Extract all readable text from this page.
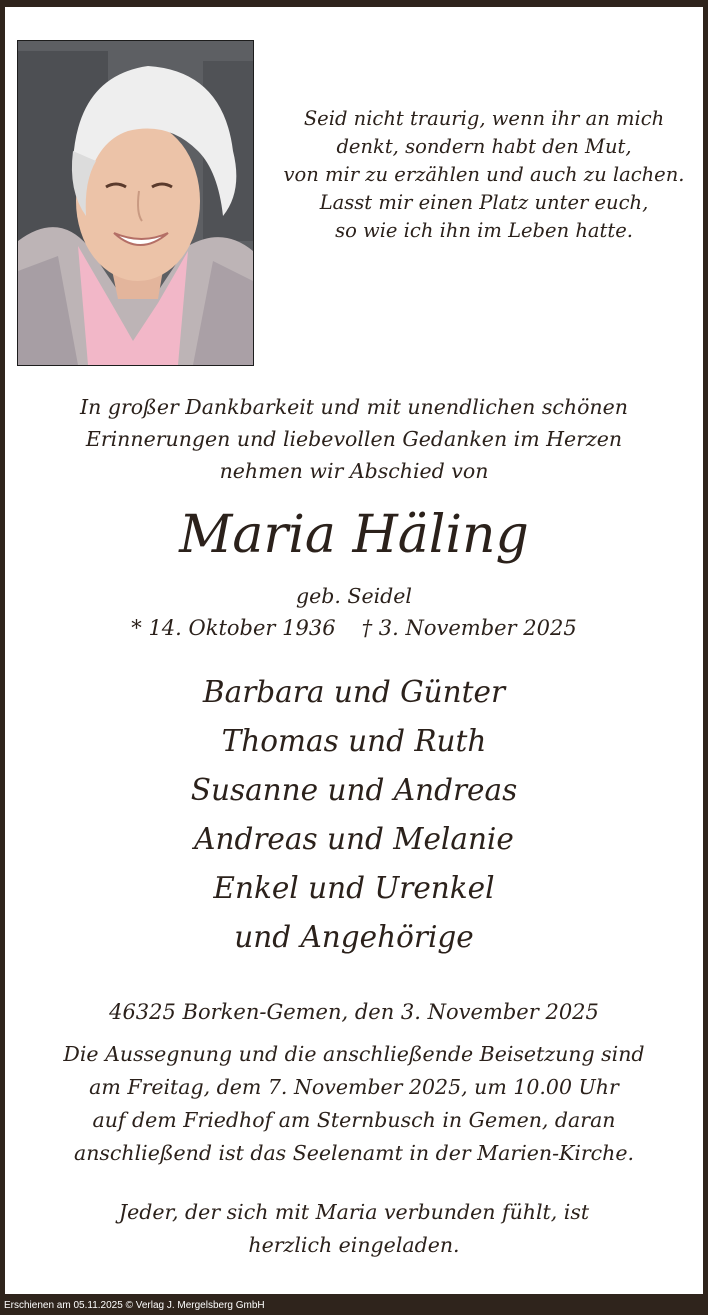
Seid nicht traurig, wenn ihr an mich
denkt, sondern habt den Mut,
von mir zu erzählen und auch zu lachen.
Lasst mir einen Platz unter euch,
so wie ich ihn im Leben hatte.
In großer Dankbarkeit und mit unendlichen schönen
Erinnerungen und liebevollen Gedanken im Herzen
nehmen wir Abschied von
Maria Häling
geb. Seidel
* 14. Oktober 1936 † 3. November 2025
Barbara und Günter
Thomas und Ruth
Susanne und Andreas
Andreas und Melanie
Enkel und Urenkel
und Angehörige
46325 Borken-Gemen, den 3. November 2025
Die Aussegnung und die anschließende Beisetzung sind
am Freitag, dem 7. November 2025, um 10.00 Uhr
auf dem Friedhof am Sternbusch in Gemen, daran
anschließend ist das Seelenamt in der Marien-Kirche.
Jeder, der sich mit Maria verbunden fühlt, ist
herzlich eingeladen.
Erschienen am 05.11.2025 © Verlag J. Mergelsberg GmbH
